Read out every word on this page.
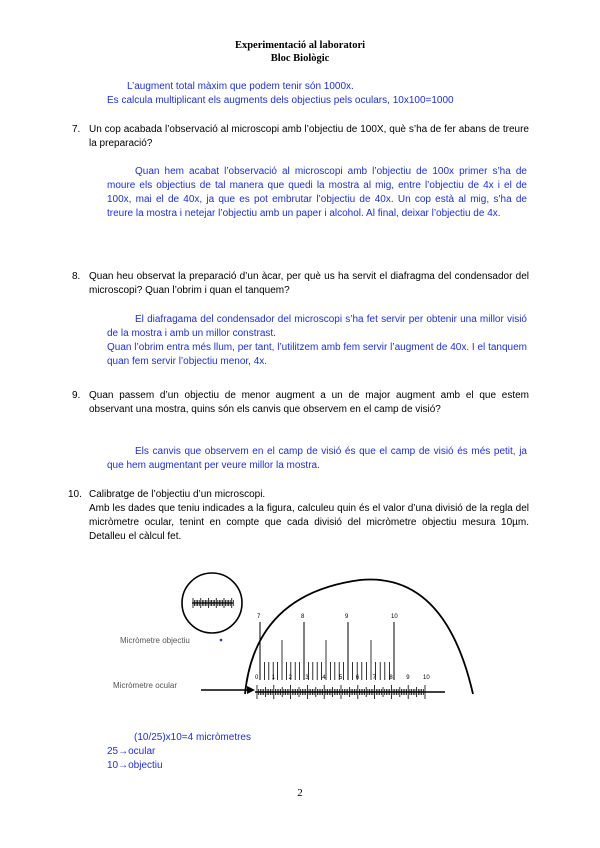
Experimentació al laboratori
Bloc Biològic
L’augment total màxim que podem tenir són 1000x.
Es calcula multiplicant els augments dels objectius pels oculars, 10x100=1000
7. Un cop acabada l’observació al microscopi amb l’objectiu de 100X, què s’ha de fer abans de treure la preparació?
Quan hem acabat l’observació al microscopi amb l’objectiu de 100x primer s’ha de moure els objectius de tal manera que quedi la mostra al mig, entre l’objectiu de 4x i el de 100x, mai el de 40x, ja que es pot embrutar l’objectiu de 40x. Un cop està al mig, s’ha de treure la mostra i netejar l’objectiu amb un paper i alcohol. Al final, deixar l’objectiu de 4x.
8. Quan heu observat la preparació d’un àcar, per què us ha servit el diafragma del condensador del microscopi? Quan l’obrim i quan el tanquem?
El diafragama del condensador del microscopi s’ha fet servir per obtenir una millor visió de la mostra i amb un millor constrast.
Quan l’obrim entra més llum, per tant, l’utilitzem amb fem servir l’augment de 40x. I el tanquem quan fem servir l’objectiu menor, 4x.
9. Quan passem d’un objectiu de menor augment a un de major augment amb el que estem observant una mostra, quins són els canvis que observem en el camp de visió?
Els canvis que observem en el camp de visió és que el camp de visió és més petit, ja que hem augmentant per veure millor la mostra.
10. Calibratge de l’objectiu d’un microscopi.
Amb les dades que teniu indicades a la figura, calculeu quin és el valor d’una divisió de la regla del micròmetre ocular, tenint en compte que cada divisió del micròmetre objectiu mesura 10µm. Detalleu el càlcul fet.
7	8	9	10
0 1 2 3 4 5 6 7 8 9 10
Micròmetre objectiu
Micròmetre ocular
(10/25)x10=4 micròmetres
25→ocular
10→objectiu
2
